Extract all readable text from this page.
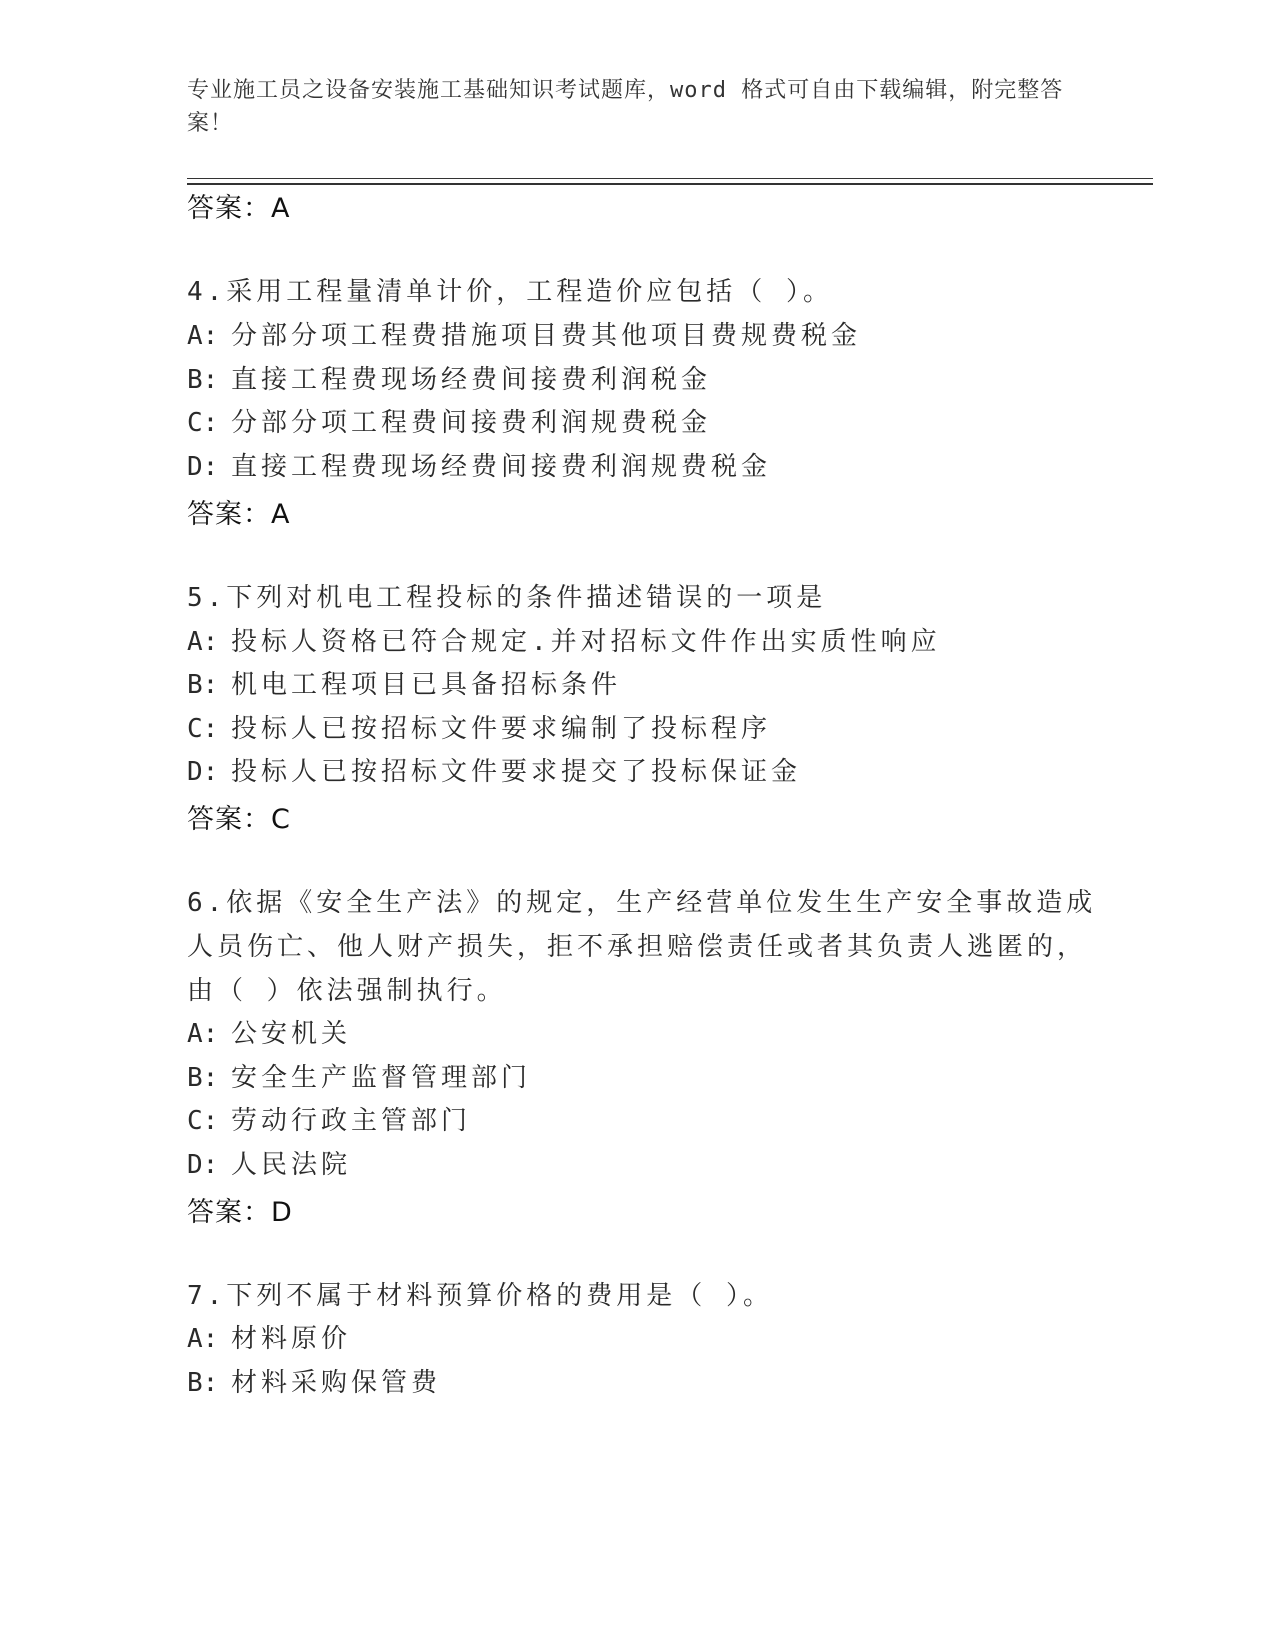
专业施工员之设备安装施工基础知识考试题库，word 格式可自由下载编辑，附完整答案！
答案：A
4.采用工程量清单计价，工程造价应包括（ ）。
A: 分部分项工程费措施项目费其他项目费规费税金
B: 直接工程费现场经费间接费利润税金
C: 分部分项工程费间接费利润规费税金
D: 直接工程费现场经费间接费利润规费税金
答案：A
5.下列对机电工程投标的条件描述错误的一项是
A: 投标人资格已符合规定.并对招标文件作出实质性响应
B: 机电工程项目已具备招标条件
C: 投标人已按招标文件要求编制了投标程序
D: 投标人已按招标文件要求提交了投标保证金
答案：C
6.依据《安全生产法》的规定，生产经营单位发生生产安全事故造成
人员伤亡、他人财产损失，拒不承担赔偿责任或者其负责人逃匿的，
由（ ）依法强制执行。
A: 公安机关
B: 安全生产监督管理部门
C: 劳动行政主管部门
D: 人民法院
答案：D
7.下列不属于材料预算价格的费用是（ ）。
A: 材料原价
B: 材料采购保管费
